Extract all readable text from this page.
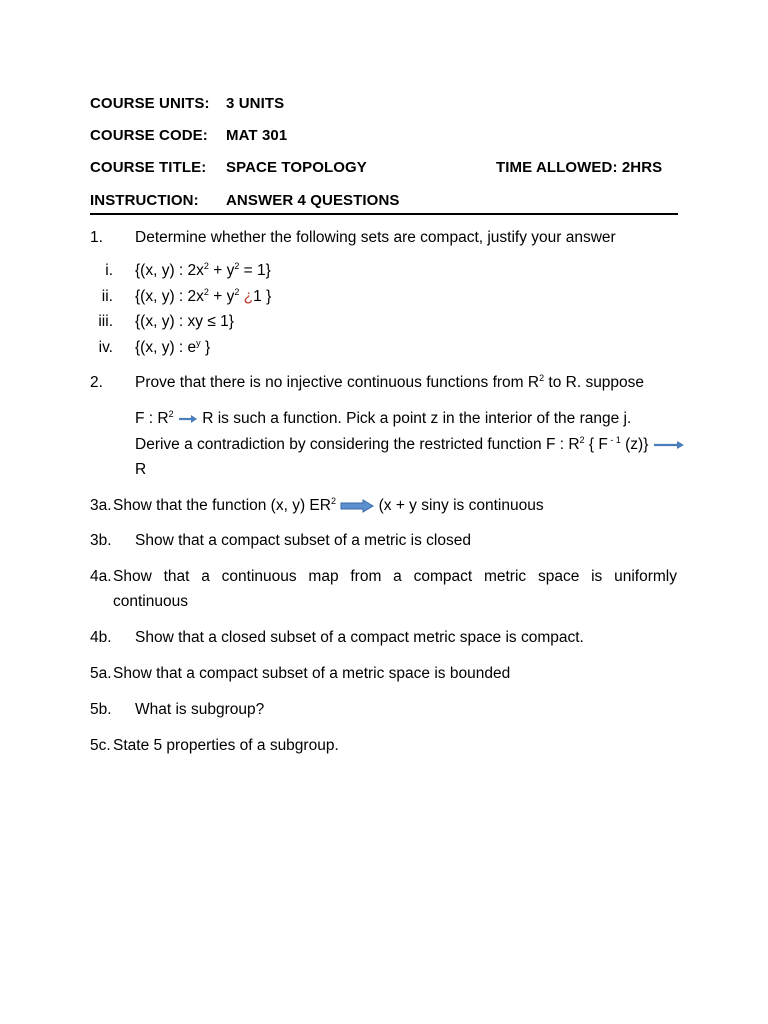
COURSE UNITS: 3 UNITS
COURSE CODE: MAT 301
COURSE TITLE: SPACE TOPOLOGY	TIME ALLOWED: 2HRS
INSTRUCTION: ANSWER 4 QUESTIONS
1. Determine whether the following sets are compact, justify your answer
i. {(x, y) : $2x^2 + y^2 = 1$}
ii. {(x, y) : $2x^2 + y^2$ ¿1 }
iii. {(x, y) : xy ≤ 1}
iv. {(x, y) : $e^y$ }
2. Prove that there is no injective continuous functions from $R^2$ to R. suppose
F : $R^2$  R is such a function. Pick a point z in the interior of the range j.
Derive a contradiction by considering the restricted function F : $R^2$ { F $^{- 1}$ (z)}
R
3a. Show that the function (x, y) $ER^2$	(x + y siny is continuous
3b. Show that a compact subset of a metric is closed
4a. Show that a continuous map from a compact metric space is uniformly
continuous
4b. Show that a closed subset of a compact metric space is compact.
5a. Show that a compact subset of a metric space is bounded
5b. What is subgroup?
5c. State 5 properties of a subgroup.
